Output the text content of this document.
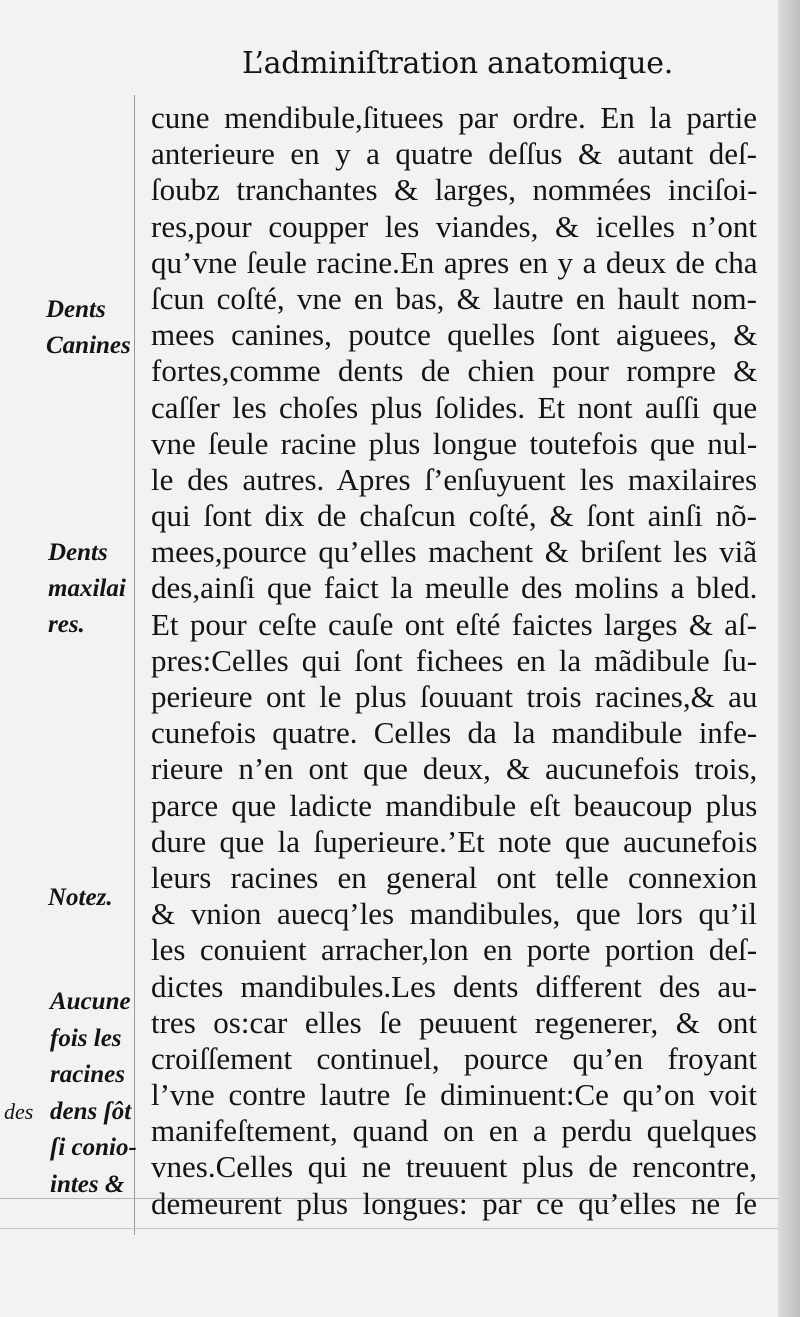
L’adminiſtration anatomique.
Dents
Canines
Dents
maxilai
res.
Notez.
Aucune
fois les
racines
des dens ſôt
ſi conio-
intes &
cune mendibule,ſituees par ordre. En la partie
anterieure en y a quatre deſſus & autant deſ-
ſoubz tranchantes & larges, nommées inciſoi-
res,pour coupper les viandes, & icelles n’ont
qu’vne ſeule racine.En apres en y a deux de cha
ſcun coſté, vne en bas, & lautre en hault nom-
mees canines, poutce quelles ſont aiguees, &
fortes,comme dents de chien pour rompre &
caſſer les choſes plus ſolides. Et nont auſſi que
vne ſeule racine plus longue toutefois que nul-
le des autres. Apres ſ’enſuyuent les maxilaires
qui ſont dix de chaſcun coſté, & ſont ainſi nõ-
mees,pource qu’elles machent & briſent les viã
des,ainſi que faict la meulle des molins a bled.
Et pour ceſte cauſe ont eſté faictes larges & aſ-
pres:Celles qui ſont fichees en la mãdibule ſu-
perieure ont le plus ſouuant trois racines,& au
cunefois quatre. Celles da la mandibule infe-
rieure n’en ont que deux, & aucunefois trois,
parce que ladicte mandibule eſt beaucoup plus
dure que la ſuperieure.’Et note que aucunefois
leurs racines en general ont telle connexion
& vnion auecq’les mandibules, que lors qu’il
les conuient arracher,lon en porte portion deſ-
dictes mandibules.Les dents different des au-
tres os:car elles ſe peuuent regenerer, & ont
croiſſement continuel, pource qu’en froyant
l’vne contre lautre ſe diminuent:Ce qu’on voit
manifeſtement, quand on en a perdu quelques
vnes.Celles qui ne treuuent plus de rencontre,
demeurent plus longues: par ce qu’elles ne ſe
